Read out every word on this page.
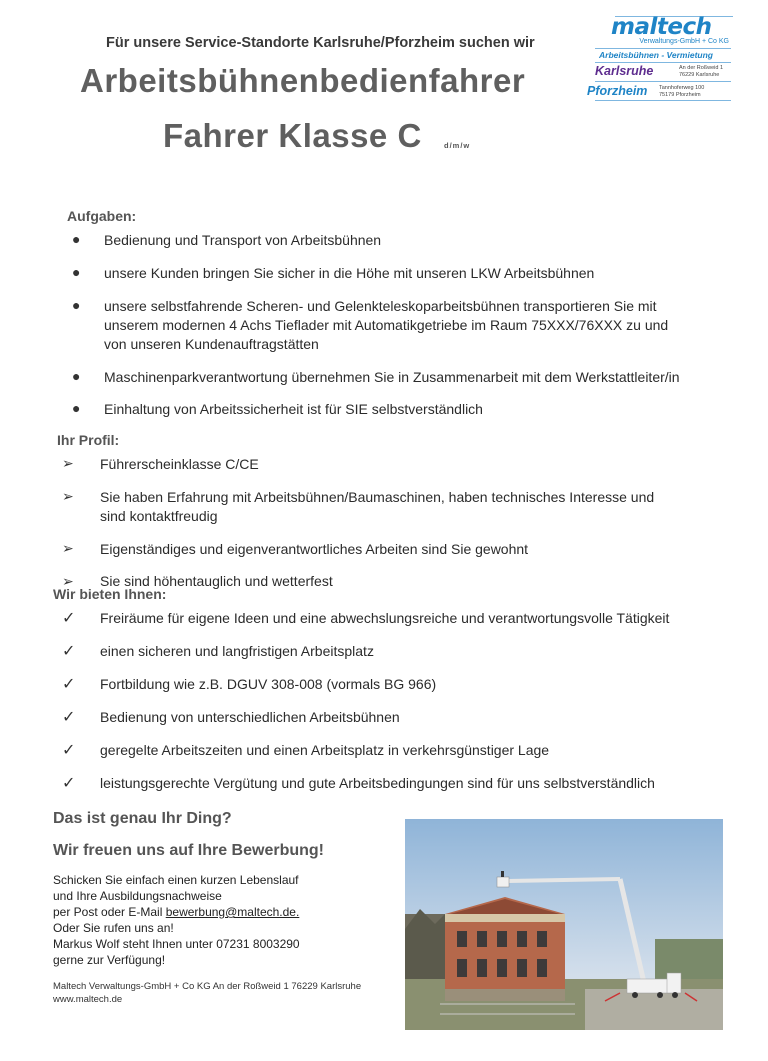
Für unsere Service-Standorte Karlsruhe/Pforzheim suchen wir
Arbeitsbühnenbedienfahrer
Fahrer Klasse C	d/m/w
maltech
Verwaltungs-GmbH + Co KG
Arbeitsbühnen - Vermietung
Karlsruhe	An der Roßweid 1
76229 Karlsruhe
Pforzheim Tannhoferweg 100
75179 Pforzheim
Aufgaben:
● Bedienung und Transport von Arbeitsbühnen
● unsere Kunden bringen Sie sicher in die Höhe mit unseren LKW Arbeitsbühnen
● unsere selbstfahrende Scheren- und Gelenkteleskoparbeitsbühnen transportieren Sie mit
unserem modernen 4 Achs Tieflader mit Automatikgetriebe im Raum 75XXX/76XXX zu und
von unseren Kundenauftragstätten
● Maschinenparkverantwortung übernehmen Sie in Zusammenarbeit mit dem Werkstattleiter/in
● Einhaltung von Arbeitssicherheit ist für SIE selbstverständlich
Ihr Profil:
➢ Führerscheinklasse C/CE
➢ Sie haben Erfahrung mit Arbeitsbühnen/Baumaschinen, haben technisches Interesse und
sind kontaktfreudig
➢ Eigenständiges und eigenverantwortliches Arbeiten sind Sie gewohnt
➢ Sie sind höhentauglich und wetterfest
Wir bieten Ihnen:
✓ Freiräume für eigene Ideen und eine abwechslungsreiche und verantwortungsvolle Tätigkeit
✓ einen sicheren und langfristigen Arbeitsplatz
✓ Fortbildung wie z.B. DGUV 308-008 (vormals BG 966)
✓ Bedienung von unterschiedlichen Arbeitsbühnen
✓ geregelte Arbeitszeiten und einen Arbeitsplatz in verkehrsgünstiger Lage
✓ leistungsgerechte Vergütung und gute Arbeitsbedingungen sind für uns selbstverständlich
Das ist genau Ihr Ding?
Wir freuen uns auf Ihre Bewerbung!
Schicken Sie einfach einen kurzen Lebenslauf
und Ihre Ausbildungsnachweise
per Post oder E-Mail bewerbung@maltech.de.
Oder Sie rufen uns an!
Markus Wolf steht Ihnen unter 07231 8003290
gerne zur Verfügung!
Maltech Verwaltungs-GmbH + Co KG An der Roßweid 1 76229 Karlsruhe
www.maltech.de
